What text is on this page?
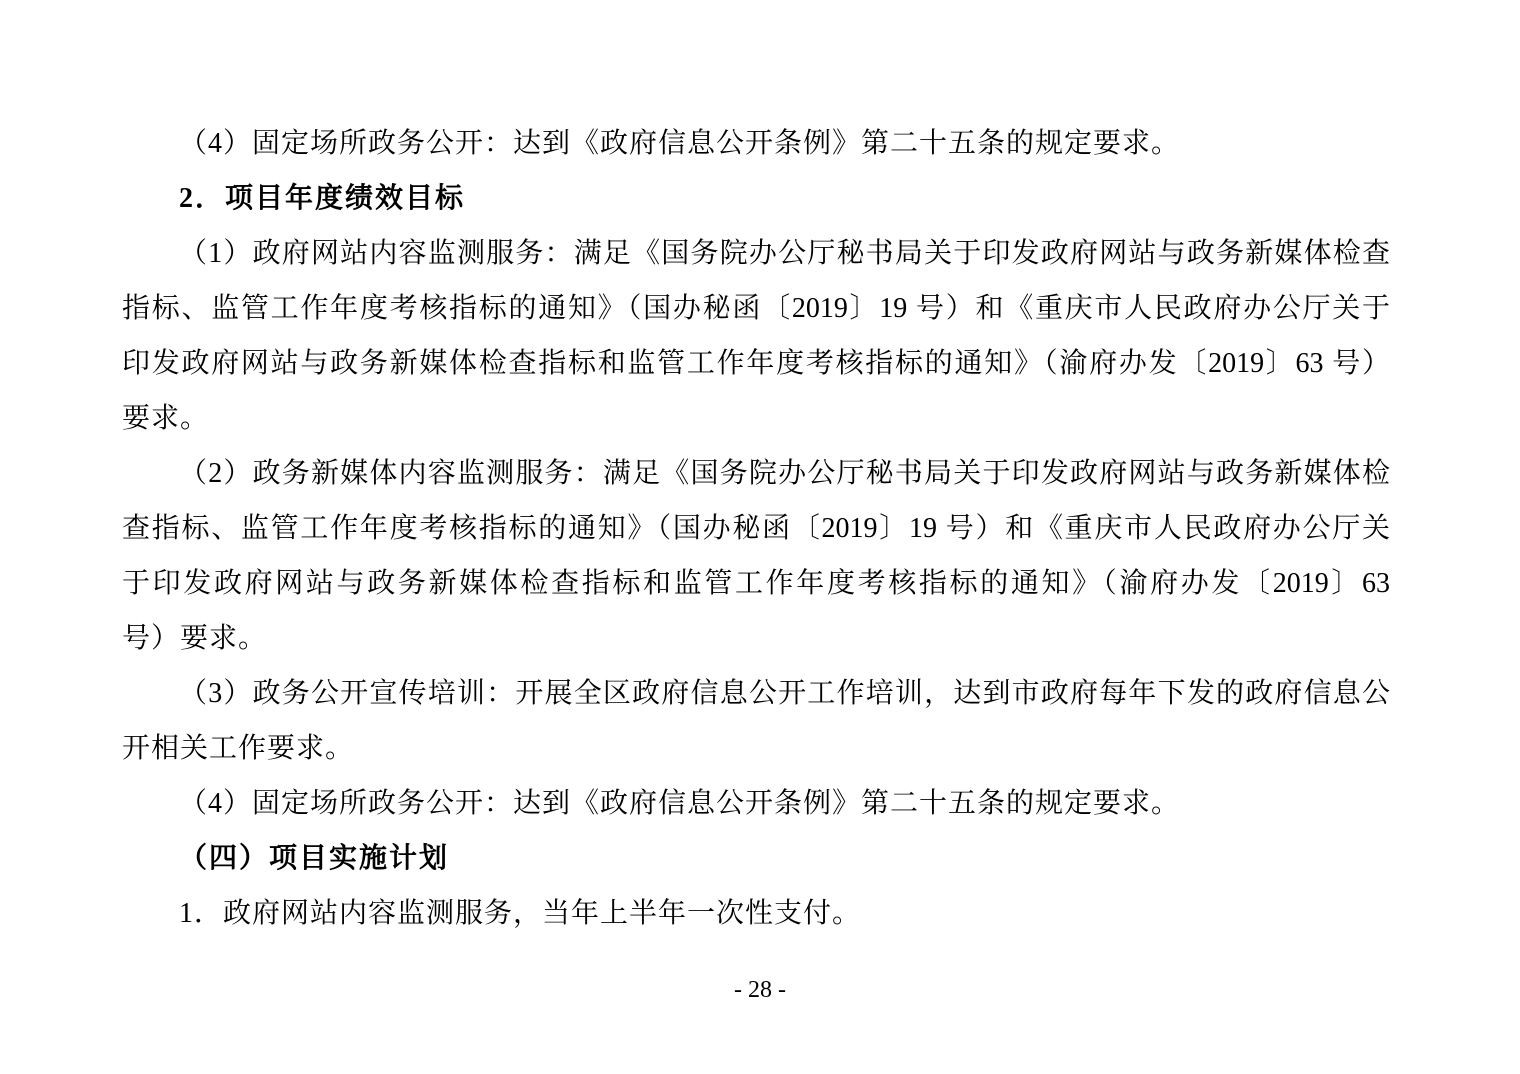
（4）固定场所政务公开：达到《政府信息公开条例》第二十五条的规定要求。
2．项目年度绩效目标
（1）政府网站内容监测服务：满足《国务院办公厅秘书局关于印发政府网站与政务新媒体检查
指标、监管工作年度考核指标的通知》（国办秘函〔2019〕19 号）和《重庆市人民政府办公厅关于
印发政府网站与政务新媒体检查指标和监管工作年度考核指标的通知》（渝府办发〔2019〕63 号）
要求。
（2）政务新媒体内容监测服务：满足《国务院办公厅秘书局关于印发政府网站与政务新媒体检
查指标、监管工作年度考核指标的通知》（国办秘函〔2019〕19 号）和《重庆市人民政府办公厅关
于印发政府网站与政务新媒体检查指标和监管工作年度考核指标的通知》（渝府办发〔2019〕63
号）要求。
（3）政务公开宣传培训：开展全区政府信息公开工作培训，达到市政府每年下发的政府信息公
开相关工作要求。
（4）固定场所政务公开：达到《政府信息公开条例》第二十五条的规定要求。
（四）项目实施计划
1．政府网站内容监测服务，当年上半年一次性支付。
- 28 -
